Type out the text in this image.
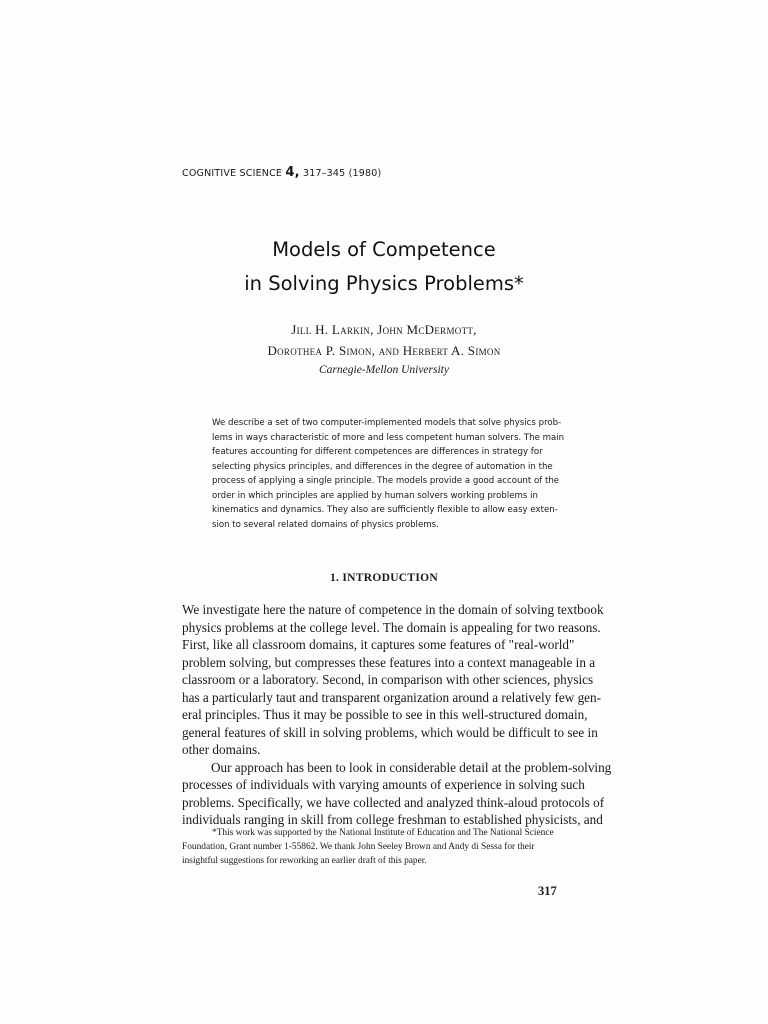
COGNITIVE SCIENCE 4, 317–345 (1980)
Models of Competence
in Solving Physics Problems*
Jill H. Larkin, John McDermott,
Dorothea P. Simon, and Herbert A. Simon
Carnegie-Mellon University
We describe a set of two computer-implemented models that solve physics prob-
lems in ways characteristic of more and less competent human solvers. The main
features accounting for different competences are differences in strategy for
selecting physics principles, and differences in the degree of automation in the
process of applying a single principle. The models provide a good account of the
order in which principles are applied by human solvers working problems in
kinematics and dynamics. They also are sufficiently flexible to allow easy exten-
sion to several related domains of physics problems.
1. INTRODUCTION
We investigate here the nature of competence in the domain of solving textbook
physics problems at the college level. The domain is appealing for two reasons.
First, like all classroom domains, it captures some features of "real-world"
problem solving, but compresses these features into a context manageable in a
classroom or a laboratory. Second, in comparison with other sciences, physics
has a particularly taut and transparent organization around a relatively few gen-
eral principles. Thus it may be possible to see in this well-structured domain,
general features of skill in solving problems, which would be difficult to see in
other domains.
Our approach has been to look in considerable detail at the problem-solving
processes of individuals with varying amounts of experience in solving such
problems. Specifically, we have collected and analyzed think-aloud protocols of
individuals ranging in skill from college freshman to established physicists, and
*This work was supported by the National Institute of Education and The National Science
Foundation, Grant number 1-55862. We thank John Seeley Brown and Andy di Sessa for their
insightful suggestions for reworking an earlier draft of this paper.
317
